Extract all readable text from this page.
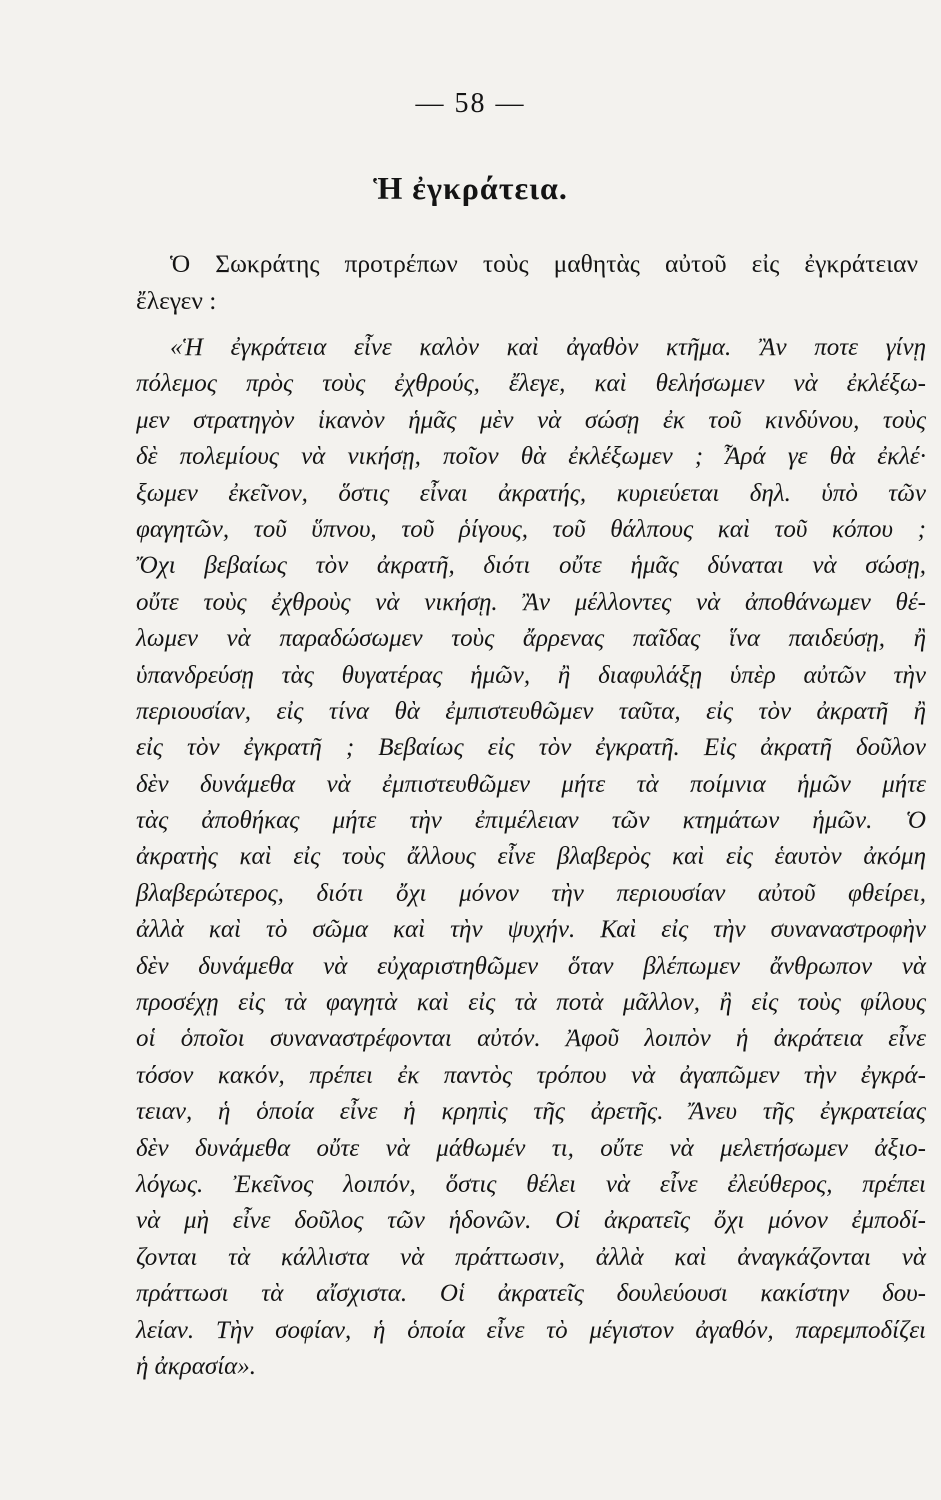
— 58 —
Ἡ ἐγκράτεια.
Ὁ Σωκράτης προτρέπων τοὺς μαθητὰς αὐτοῦ εἰς ἐγκράτειαν
ἔλεγεν :
«Ἡ ἐγκράτεια εἶνε καλὸν καὶ ἀγαθὸν κτῆμα. Ἂν ποτε γίνῃ
πόλεμος πρὸς τοὺς ἐχθρούς, ἔλεγε, καὶ θελήσωμεν νὰ ἐκλέξω-
μεν στρατηγὸν ἱκανὸν ἡμᾶς μὲν νὰ σώσῃ ἐκ τοῦ κινδύνου, τοὺς
δὲ πολεμίους νὰ νικήσῃ, ποῖον θὰ ἐκλέξωμεν ; Ἆρά γε θὰ ἐκλέ·
ξωμεν ἐκεῖνον, ὅστις εἶναι ἀκρατής, κυριεύεται δηλ. ὑπὸ τῶν
φαγητῶν, τοῦ ὕπνου, τοῦ ῥίγους, τοῦ θάλπους καὶ τοῦ κόπου ;
Ὄχι βεβαίως τὸν ἀκρατῆ, διότι οὔτε ἡμᾶς δύναται νὰ σώσῃ,
οὔτε τοὺς ἐχθροὺς νὰ νικήσῃ. Ἂν μέλλοντες νὰ ἀποθάνωμεν θέ-
λωμεν νὰ παραδώσωμεν τοὺς ἄρρενας παῖδας ἵνα παιδεύσῃ, ἢ
ὑπανδρεύσῃ τὰς θυγατέρας ἡμῶν, ἢ διαφυλάξῃ ὑπὲρ αὐτῶν τὴν
περιουσίαν, εἰς τίνα θὰ ἐμπιστευθῶμεν ταῦτα, εἰς τὸν ἀκρατῆ ἢ
εἰς τὸν ἐγκρατῆ ; Βεβαίως εἰς τὸν ἐγκρατῆ. Εἰς ἀκρατῆ δοῦλον
δὲν δυνάμεθα νὰ ἐμπιστευθῶμεν μήτε τὰ ποίμνια ἡμῶν μήτε
τὰς ἀποθήκας μήτε τὴν ἐπιμέλειαν τῶν κτημάτων ἡμῶν. Ὁ
ἀκρατὴς καὶ εἰς τοὺς ἄλλους εἶνε βλαβερὸς καὶ εἰς ἑαυτὸν ἀκόμη
βλαβερώτερος, διότι ὄχι μόνον τὴν περιουσίαν αὐτοῦ φθείρει,
ἀλλὰ καὶ τὸ σῶμα καὶ τὴν ψυχήν. Καὶ εἰς τὴν συναναστροφὴν
δὲν δυνάμεθα νὰ εὐχαριστηθῶμεν ὅταν βλέπωμεν ἄνθρωπον νὰ
προσέχῃ εἰς τὰ φαγητὰ καὶ εἰς τὰ ποτὰ μᾶλλον, ἢ εἰς τοὺς φίλους
οἱ ὁποῖοι συναναστρέφονται αὐτόν. Ἀφοῦ λοιπὸν ἡ ἀκράτεια εἶνε
τόσον κακόν, πρέπει ἐκ παντὸς τρόπου νὰ ἀγαπῶμεν τὴν ἐγκρά-
τειαν, ἡ ὁποία εἶνε ἡ κρηπὶς τῆς ἀρετῆς. Ἄνευ τῆς ἐγκρατείας
δὲν δυνάμεθα οὔτε νὰ μάθωμέν τι, οὔτε νὰ μελετήσωμεν ἀξιο-
λόγως. Ἐκεῖνος λοιπόν, ὅστις θέλει νὰ εἶνε ἐλεύθερος, πρέπει
νὰ μὴ εἶνε δοῦλος τῶν ἡδονῶν. Οἱ ἀκρατεῖς ὄχι μόνον ἐμποδί-
ζονται τὰ κάλλιστα νὰ πράττωσιν, ἀλλὰ καὶ ἀναγκάζονται νὰ
πράττωσι τὰ αἴσχιστα. Οἱ ἀκρατεῖς δουλεύουσι κακίστην δου-
λείαν. Τὴν σοφίαν, ἡ ὁποία εἶνε τὸ μέγιστον ἀγαθόν, παρεμποδίζει
ἡ ἀκρασία».
